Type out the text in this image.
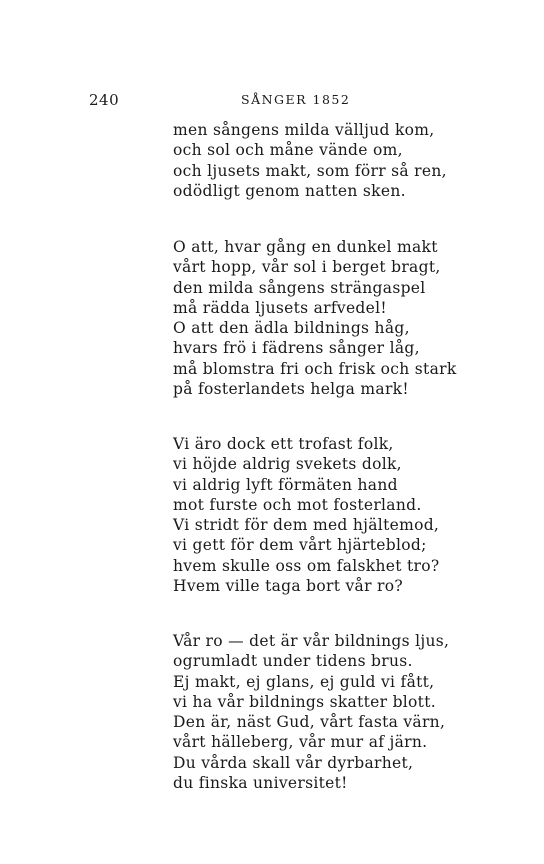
240	SÅNGER 1852
men sångens milda välljud kom,
och sol och måne vände om,
och ljusets makt, som förr så ren,
odödligt genom natten sken.
O att, hvar gång en dunkel makt
vårt hopp, vår sol i berget bragt,
den milda sångens strängaspel
må rädda ljusets arfvedel!
O att den ädla bildnings håg,
hvars frö i fädrens sånger låg,
må blomstra fri och frisk och stark
på fosterlandets helga mark!
Vi äro dock ett trofast folk,
vi höjde aldrig svekets dolk,
vi aldrig lyft förmäten hand
mot furste och mot fosterland.
Vi stridt för dem med hjältemod,
vi gett för dem vårt hjärteblod;
hvem skulle oss om falskhet tro?
Hvem ville taga bort vår ro?
Vår ro — det är vår bildnings ljus,
ogrumladt under tidens brus.
Ej makt, ej glans, ej guld vi fått,
vi ha vår bildnings skatter blott.
Den är, näst Gud, vårt fasta värn,
vårt hälleberg, vår mur af järn.
Du vårda skall vår dyrbarhet,
du finska universitet!
